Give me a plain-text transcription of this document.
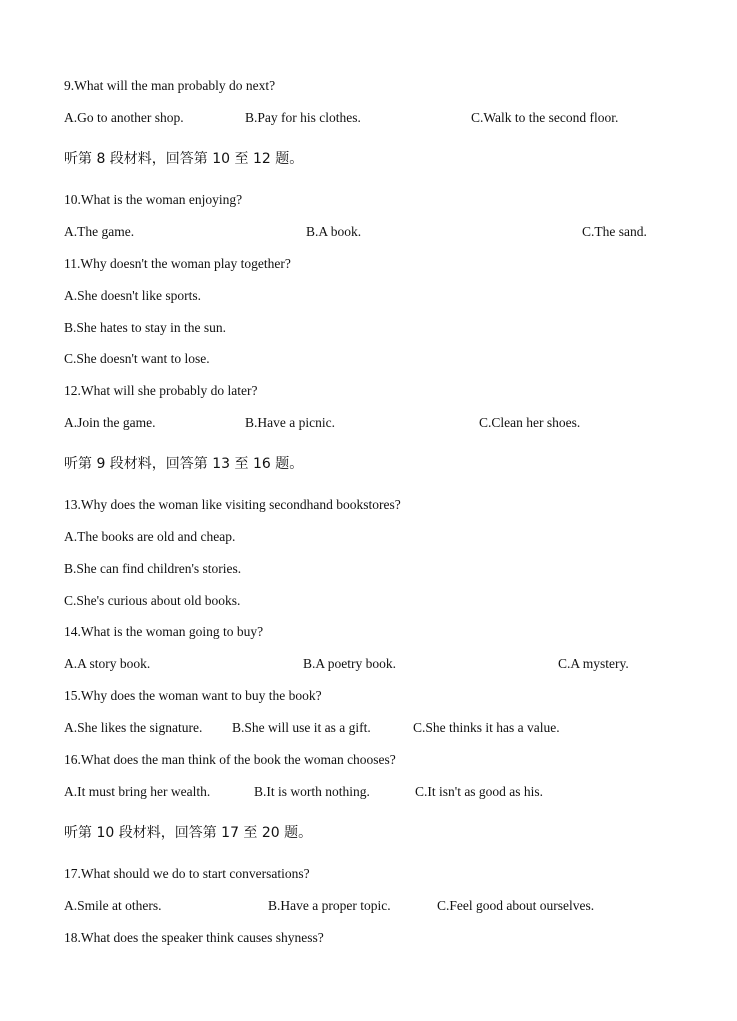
9.What will the man probably do next?
A.Go to another shop.	B.Pay for his clothes.	C.Walk to the second floor.
听第 8 段材料，回答第 10 至 12 题。
10.What is the woman enjoying?
A.The game.	B.A book.	C.The sand.
11.Why doesn't the woman play together?
A.She doesn't like sports.
B.She hates to stay in the sun.
C.She doesn't want to lose.
12.What will she probably do later?
A.Join the game.	B.Have a picnic.	C.Clean her shoes.
听第 9 段材料，回答第 13 至 16 题。
13.Why does the woman like visiting secondhand bookstores?
A.The books are old and cheap.
B.She can find children's stories.
C.She's curious about old books.
14.What is the woman going to buy?
A.A story book.	B.A poetry book.	C.A mystery.
15.Why does the woman want to buy the book?
A.She likes the signature. B.She will use it as a gift.	C.She thinks it has a value.
16.What does the man think of the book the woman chooses?
A.It must bring her wealth.	B.It is worth nothing.	C.It isn't as good as his.
听第 10 段材料，回答第 17 至 20 题。
17.What should we do to start conversations?
A.Smile at others.	B.Have a proper topic.	C.Feel good about ourselves.
18.What does the speaker think causes shyness?
